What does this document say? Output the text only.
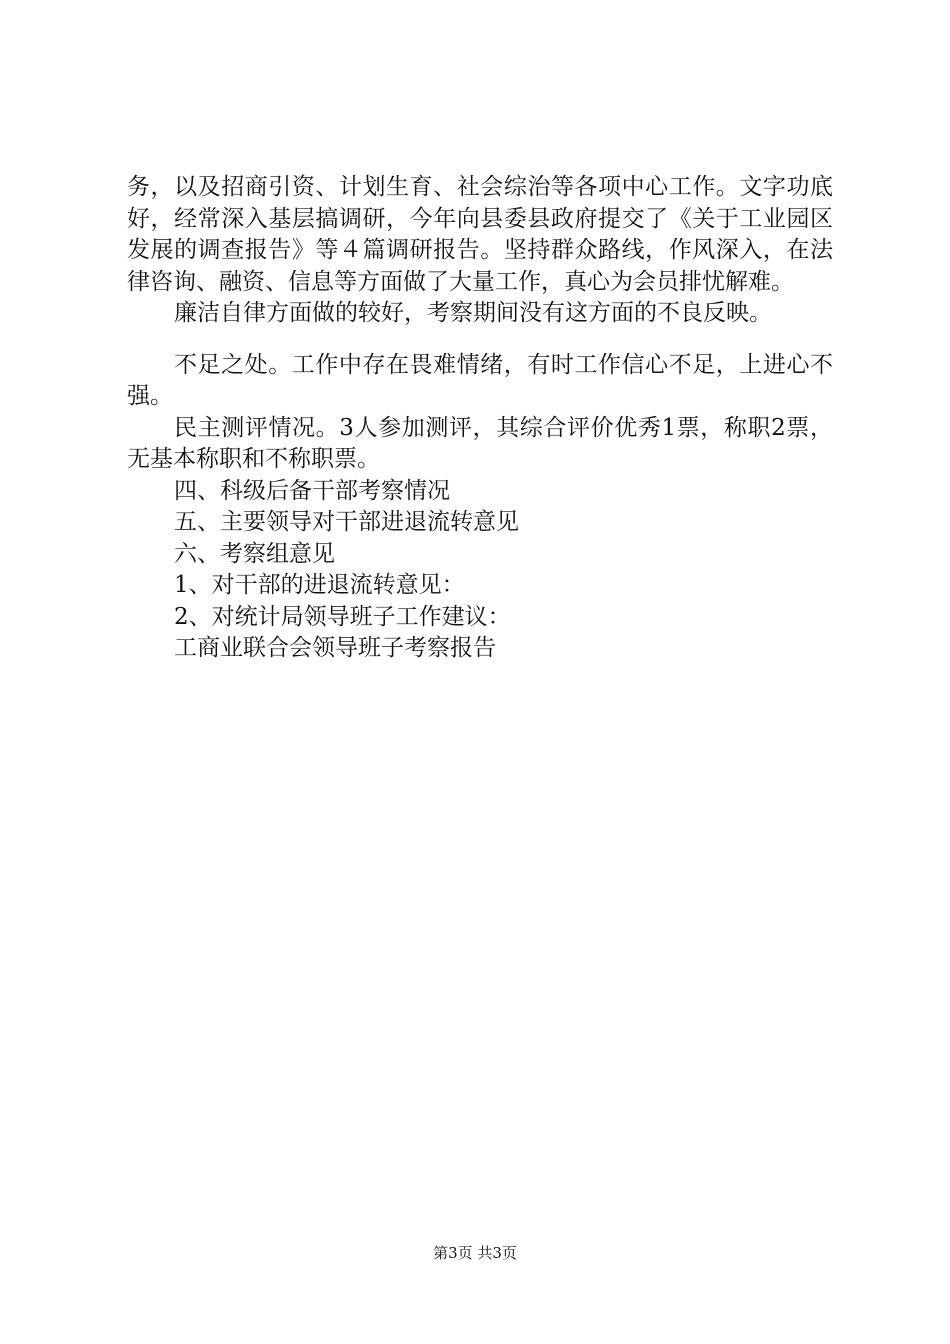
务，以及招商引资、计划生育、社会综治等各项中心工作。文字功底好，经常深入基层搞调研，今年向县委县政府提交了《关于工业园区发展的调查报告》等４篇调研报告。坚持群众路线，作风深入，在法律咨询、融资、信息等方面做了大量工作，真心为会员排忧解难。

廉洁自律方面做的较好，考察期间没有这方面的不良反映。

不足之处。工作中存在畏难情绪，有时工作信心不足，上进心不强。

民主测评情况。3人参加测评，其综合评价优秀1票，称职2票，无基本称职和不称职票。

四、科级后备干部考察情况

五、主要领导对干部进退流转意见

六、考察组意见

1、对干部的进退流转意见：

2、对统计局领导班子工作建议：

工商业联合会领导班子考察报告

第3页 共3页
